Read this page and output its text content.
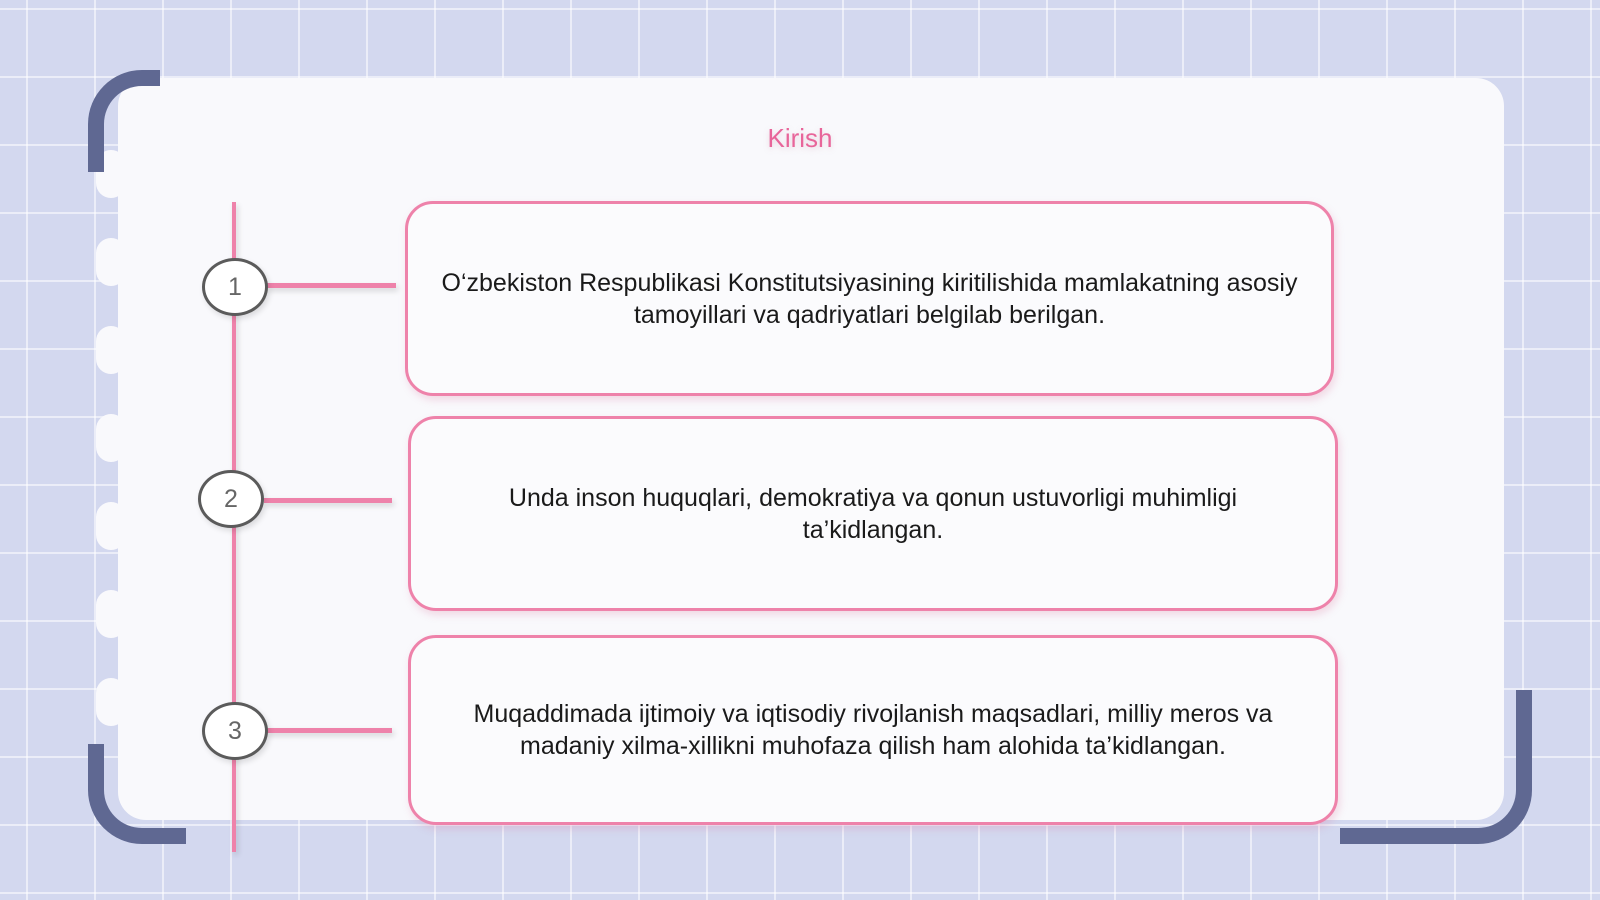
Kirish
1	O‘zbekiston Respublikasi Konstitutsiyasining kiritilishida mamlakatning asosiy tamoyillari va qadriyatlari belgilab berilgan.
2	Unda inson huquqlari, demokratiya va qonun ustuvorligi muhimligi ta’kidlangan.
3
Muqaddimada ijtimoiy va iqtisodiy rivojlanish maqsadlari, milliy meros va madaniy xilma-xillikni muhofaza qilish ham alohida ta’kidlangan.
